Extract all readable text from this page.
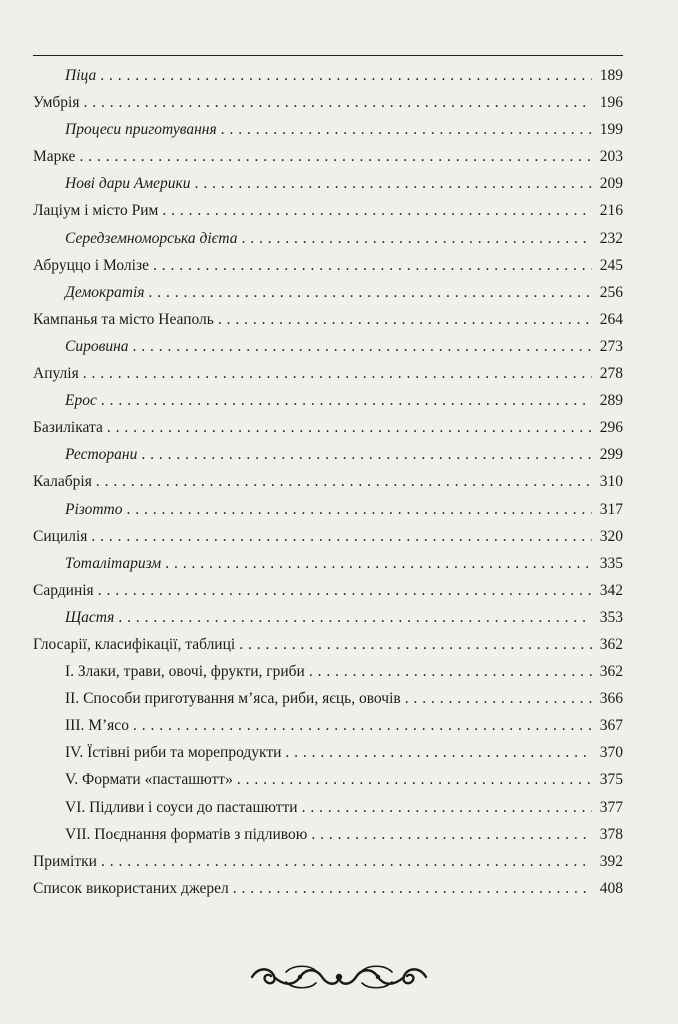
Піца . . .	189
Умбрія . . .	196
Процеси приготування . . .	199
Марке . . .	203
Нові дари Америки . . .	209
Лаціум і місто Рим . . .	216
Середземноморська дієта . . .	232
Абруццо і Молізе . . .	245
Демократія . . .	256
Кампанья та місто Неаполь . . .	264
Сировина . . .	273
Апулія . . .	278
Ерос . . .	289
Базиліката . . .	296
Ресторани . . .	299
Калабрія . . .	310
Різотто . . .	317
Сицилія . . .	320
Тоталітаризм . . .	335
Сардинія . . .	342
Щастя . . .	353
Глосарії, класифікації, таблиці . . .	362
I. Злаки, трави, овочі, фрукти, гриби . . .	362
II. Способи приготування м’яса, риби, яєць, овочів . . .	366
III. М’ясо . . .	367
IV. Їстівні риби та морепродукти . . .	370
V. Формати «пасташютт» . . .	375
VI. Підливи і соуси до пасташютти . . .	377
VII. Поєднання форматів з підливою . . .	378
Примітки . . .	392
Список використаних джерел . . .	408
